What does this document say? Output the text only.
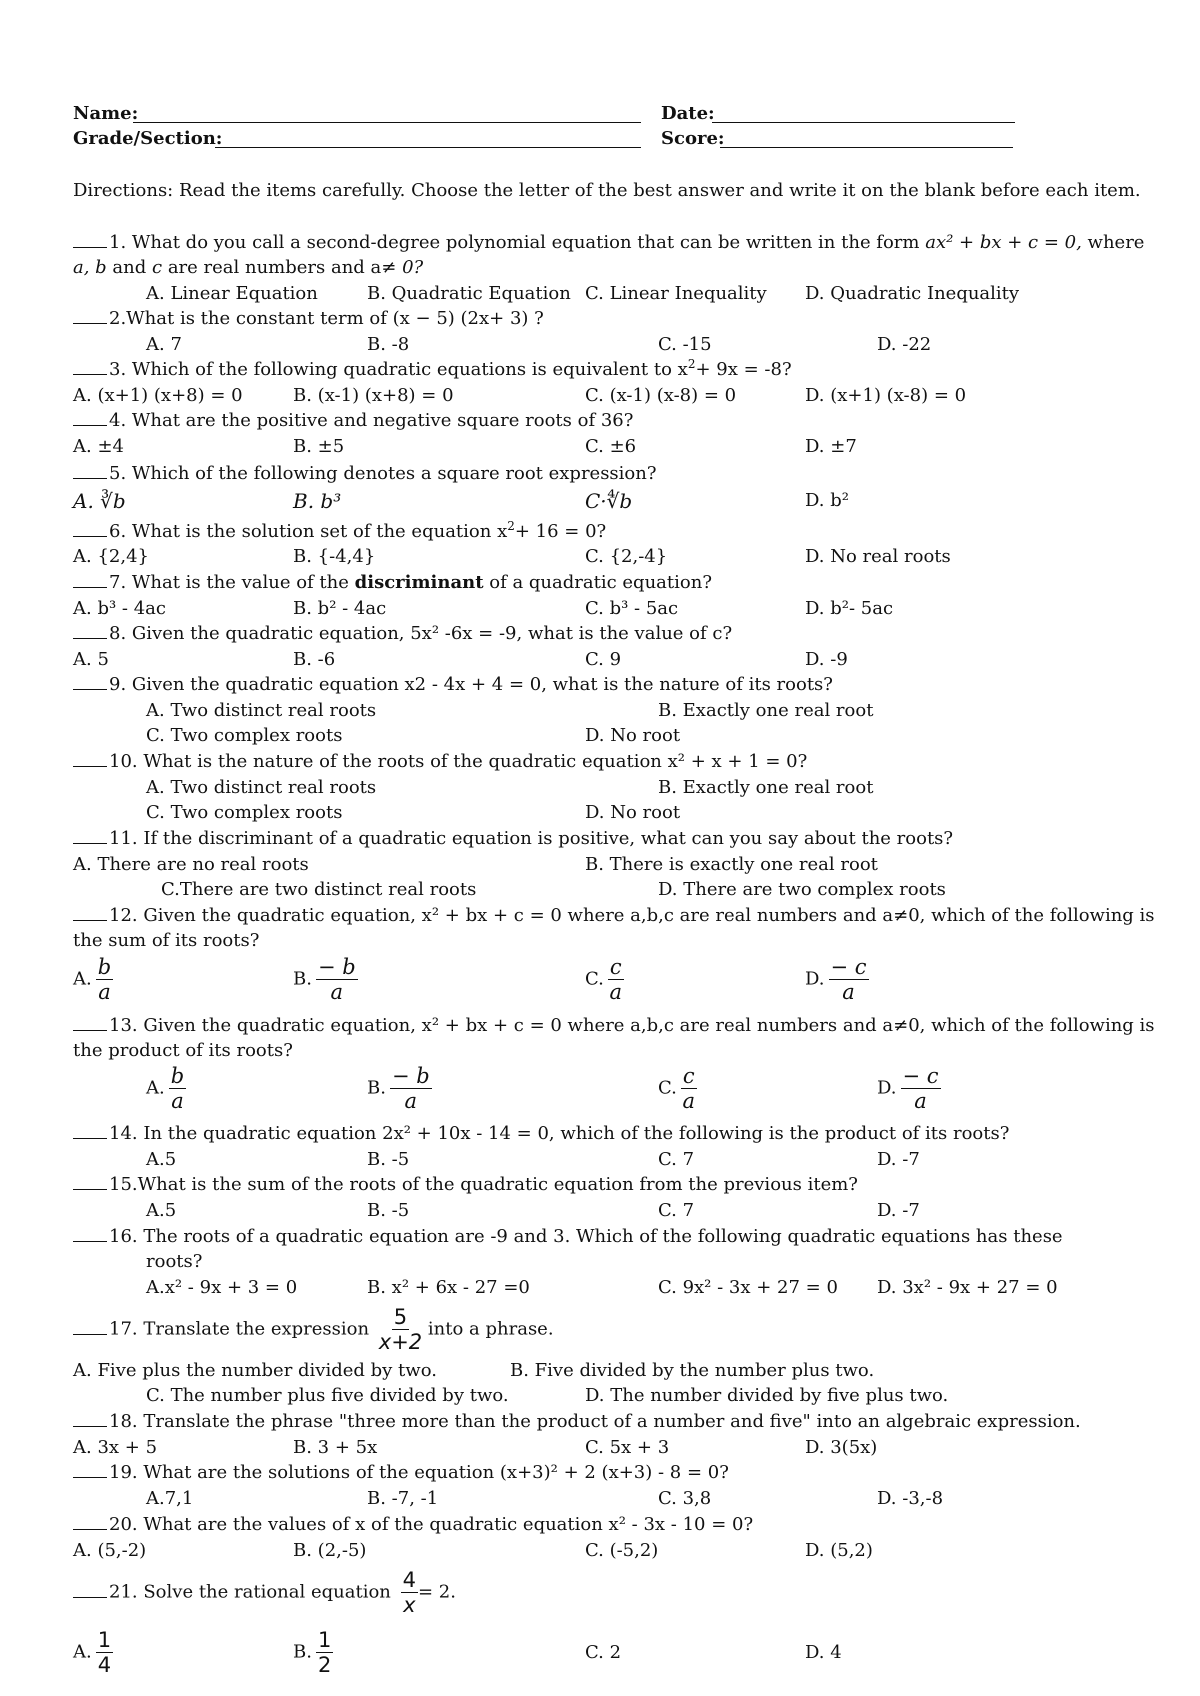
Name:	Date:
Grade/Section:	Score:
Directions: Read the items carefully. Choose the letter of the best answer and write it on the blank before each item.
1. What do you call a second-degree polynomial equation that can be written in the form ax² + bx + c = 0, where
a, b and c are real numbers and a≠ 0?
A. Linear Equation	B. Quadratic Equation C. Linear Inequality D. Quadratic Inequality
2.What is the constant term of (x − 5) (2x+ 3) ?
A. 7	B. -8	C. -15	D. -22
3. Which of the following quadratic equations is equivalent to $x^2+ 9x = -8$?
A. (x+1) (x+8) = 0	B. (x-1) (x+8) = 0	C. (x-1) (x-8) = 0	D. (x+1) (x-8) = 0
4. What are the positive and negative square roots of 36?
A. ±4	B. ±5	C. ±6	D. ±7
5. Which of the following denotes a square root expression?
A. ∛b	B. b³	C·∜b	D. b²
6. What is the solution set of the equation $x^2+ 16 = 0$?
A. {2,4}	B. {-4,4}	C. {2,-4}	D. No real roots
7. What is the value of the discriminant of a quadratic equation?
A. b³ - 4ac	B. b² - 4ac	C. b³ - 5ac	D. b²- 5ac
8. Given the quadratic equation, 5x² -6x = -9, what is the value of c?
A. 5	B. -6	C. 9	D. -9
9. Given the quadratic equation x2 - 4x + 4 = 0, what is the nature of its roots?
A. Two distinct real roots	B. Exactly one real root
C. Two complex roots	D. No root
10. What is the nature of the roots of the quadratic equation x² + x + 1 = 0?
A. Two distinct real roots	B. Exactly one real root
C. Two complex roots	D. No root
11. If the discriminant of a quadratic equation is positive, what can you say about the roots?
A. There are no real roots	B. There is exactly one real root
C.There are two distinct real roots	D. There are two complex roots
12. Given the quadratic equation, x² + bx + c = 0 where a,b,c are real numbers and a≠0, which of the following is
the sum of its roots?
A. $\frac{b}{a}$	B. $\frac{- b}{a}$	C. $\frac{c}{a}$	D. $\frac{- c}{a}$
13. Given the quadratic equation, x² + bx + c = 0 where a,b,c are real numbers and a≠0, which of the following is
the product of its roots?
A. $\frac{b}{a}$	B. $\frac{- b}{a}$	C. $\frac{c}{a}$	D. $\frac{- c}{a}$
14. In the quadratic equation 2x² + 10x - 14 = 0, which of the following is the product of its roots?
A.5	B. -5	C. 7	D. -7
15.What is the sum of the roots of the quadratic equation from the previous item?
A.5	B. -5	C. 7	D. -7
16. The roots of a quadratic equation are -9 and 3. Which of the following quadratic equations has these
roots?
A.x² - 9x + 3 = 0	B. x² + 6x - 27 =0	C. 9x² - 3x + 27 = 0 D. 3x² - 9x + 27 = 0
17. Translate the expression $\frac{5}{x+2}$ into a phrase.
A. Five plus the number divided by two.	B. Five divided by the number plus two.
C. The number plus five divided by two.	D. The number divided by five plus two.
18. Translate the phrase "three more than the product of a number and five" into an algebraic expression.
A. 3x + 5	B. 3 + 5x	C. 5x + 3	D. 3(5x)
19. What are the solutions of the equation (x+3)² + 2 (x+3) - 8 = 0?
A.7,1	B. -7, -1	C. 3,8	D. -3,-8
20. What are the values of x of the quadratic equation x² - 3x - 10 = 0?
A. (5,-2)	B. (2,-5)	C. (-5,2)	D. (5,2)
21. Solve the rational equation $\frac{4}{x} = 2$.
A. $\frac{1}{4}$	B. $\frac{1}{2}$	C. 2	D. 4
